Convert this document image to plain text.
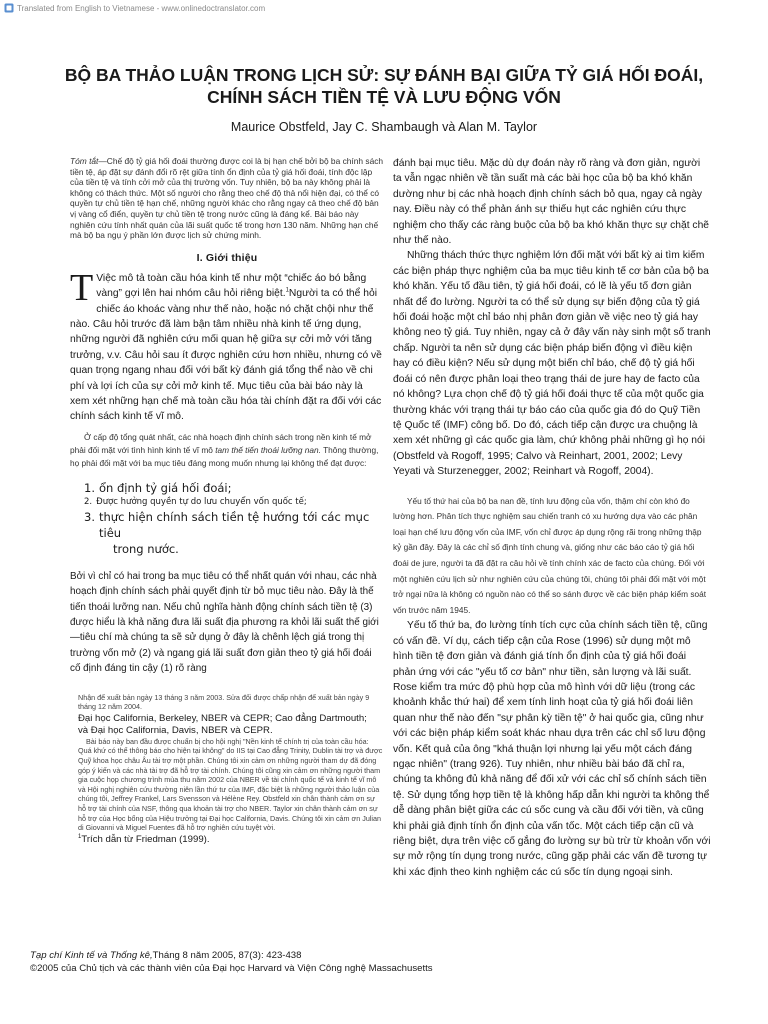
Translated from English to Vietnamese - www.onlinedoctranslator.com
BỘ BA THẢO LUẬN TRONG LỊCH SỬ: SỰ ĐÁNH BẠI GIỮA TỶ GIÁ HỐI ĐOÁI,
CHÍNH SÁCH TIỀN TỆ VÀ LƯU ĐỘNG VỐN
Maurice Obstfeld, Jay C. Shambaugh và Alan M. Taylor

Tóm tắt—Chế độ tỷ giá hối đoái thường được coi là bị hạn chế bởi bộ ba chính sách tiền tệ, áp đặt sự đánh đổi rõ rệt giữa tính ổn định của tỷ giá hối đoái, tính độc lập của tiền tệ và tính cởi mở của thị trường vốn. Tuy nhiên, bộ ba này không phải là không có thách thức. Một số người cho rằng theo chế độ thả nổi hiện đại, có thể có quyền tự chủ tiền tệ hạn chế, những người khác cho rằng ngay cả theo chế độ bản vị vàng cổ điển, quyền tự chủ tiền tệ trong nước cũng là đáng kể. Bài báo này nghiên cứu tính nhất quán của lãi suất quốc tế trong hơn 130 năm. Những hạn chế mà bộ ba ngụ ý phần lớn được lịch sử chứng minh.

I. Giới thiệu

T Việc mô tả toàn cầu hóa kinh tế như một “chiếc áo bó bằng vàng” gợi lên hai nhóm câu hỏi riêng biệt.$^1$Người ta có thể hỏi chiếc áo khoác vàng như thế nào, hoặc nó chặt chội như thế nào. Câu hỏi trước đã làm bận tâm nhiều nhà kinh tế ứng dụng, những người đã nghiên cứu mối quan hệ giữa sự cởi mở với tăng trưởng, v.v. Câu hỏi sau ít được nghiên cứu hơn nhiều, nhưng có về quan trọng ngang nhau đối với bất kỳ đánh giá tổng thể nào về chi phí và lợi ích của sự cởi mở kinh tế. Mục tiêu của bài báo này là xem xét những hạn chế mà toàn cầu hóa tài chính đặt ra đối với các chính sách kinh tế vĩ mô.

Ở cấp độ tổng quát nhất, các nhà hoạch định chính sách trong nền kinh tế mở phải đối mặt với tình hình kinh tế vĩ mô tam thế tiến thoái lưỡng nan. Thông thường, họ phải đối mặt với ba mục tiêu đáng mong muốn nhưng lại không thể đạt được:

1. ổn định tỷ giá hối đoái;
2. Được hưởng quyền tự do lưu chuyển vốn quốc tế;
3. thực hiện chính sách tiền tệ hướng tới các mục tiêu
trong nước.

Bởi vì chỉ có hai trong ba mục tiêu có thể nhất quán với nhau, các nhà hoạch định chính sách phải quyết định từ bỏ mục tiêu nào. Đây là thế tiến thoái lưỡng nan. Nếu chủ nghĩa hành động chính sách tiền tệ (3) được hiểu là khả năng đưa lãi suất địa phương ra khỏi lãi suất thế giới—tiêu chí mà chúng ta sẽ sử dụng ở đây là chênh lệch giá trong thị trường vốn mở (2) và ngang giá lãi suất đơn giản theo tỷ giá hối đoái cố định đáng tin cậy (1) rõ ràng

Nhận để xuất bản ngày 13 tháng 3 năm 2003. Sửa đổi được chấp nhận để xuất bản ngày 9 tháng 12 năm 2004.

Đại học California, Berkeley, NBER và CEPR; Cao đẳng Dartmouth;

và Đại học California, Davis, NBER và CEPR.

Bài báo này ban đầu được chuẩn bị cho hội nghị "Nền kinh tế chính trị của toàn cầu hóa: Quá khứ có thể thông báo cho hiện tại không" do IIS tại Cao đẳng Trinity, Dublin tài trợ và được Quỹ khoa học châu Âu tài trợ một phần. Chúng tôi xin cảm ơn những người tham dự đã đóng góp ý kiến và các nhà tài trợ đã hỗ trợ tài chính. Chúng tôi cũng xin cảm ơn những người tham gia cuộc họp chương trình mùa thu năm 2002 của NBER về tài chính quốc tế và kinh tế vĩ mô và Hội nghị nghiên cứu thường niên lần thứ tư của IMF, đặc biệt là những người thảo luận của chúng tôi, Jeffrey Frankel, Lars Svensson và Hélène Rey. Obstfeld xin chân thành cảm ơn sự hỗ trợ tài chính của NSF, thông qua khoản tài trợ cho NBER. Taylor xin chân thành cảm ơn sự hỗ trợ của Học bổng của Hiệu trưởng tại Đại học California, Davis. Chúng tôi xin cảm ơn Julian di Giovanni và Miguel Fuentes đã hỗ trợ nghiên cứu tuyệt vời.

$^1$Trích dẫn từ Friedman (1999).

đánh bại mục tiêu. Mặc dù dự đoán này rõ ràng và đơn giản, người ta vẫn ngạc nhiên về tần suất mà các bài học của bộ ba khó khăn dường như bị các nhà hoạch định chính sách bỏ qua, ngay cả ngày nay. Điều này có thể phản ánh sự thiếu hụt các nghiên cứu thực nghiệm cho thấy các ràng buộc của bộ ba khó khăn thực sự chặt chẽ như thế nào.

Những thách thức thực nghiệm lớn đối mặt với bất kỳ ai tìm kiếm các biện pháp thực nghiệm của ba mục tiêu kinh tế cơ bản của bộ ba khó khăn. Yếu tố đầu tiên, tỷ giá hối đoái, có lẽ là yếu tố đơn giản nhất để đo lường. Người ta có thể sử dụng sự biến động của tỷ giá hối đoái hoặc một chỉ báo nhị phân đơn giản về việc neo tỷ giá hay không neo tỷ giá. Tuy nhiên, ngay cả ở đây vấn này sinh một số tranh chấp. Người ta nên sử dụng các biện pháp biến động vì điều kiện hay có điều kiện? Nếu sử dụng một biến chỉ báo, chế độ tỷ giá hối đoái có nên được phân loại theo trạng thái de jure hay de facto của nó không? Lựa chọn chế độ tỷ giá hối đoái thực tế của một quốc gia thường khác với trạng thái tự báo cáo của quốc gia đó do Quỹ Tiền tệ Quốc tế (IMF) công bố. Do đó, cách tiếp cận được ưa chuộng là xem xét những gì các quốc gia làm, chứ không phải những gì họ nói (Obstfeld và Rogoff, 1995; Calvo và Reinhart, 2001, 2002; Levy Yeyati và Sturzenegger, 2002; Reinhart và Rogoff, 2004).

Yếu tố thứ hai của bộ ba nan đề, tính lưu động của vốn, thậm chí còn khó đo lường hơn. Phân tích thực nghiệm sau chiến tranh có xu hướng dựa vào các phân loại hạn chế lưu động vốn của IMF, vốn chỉ được áp dụng rộng rãi trong những thập kỷ gần đây. Đây là các chỉ số định tính chung và, giống như các báo cáo tỷ giá hối đoái de jure, người ta đã đặt ra câu hỏi về tính chính xác de facto của chúng. Đối với một nghiên cứu lịch sử như nghiên cứu của chúng tôi, chúng tôi phải đối mặt với một trở ngại nữa là không có nguồn nào có thể so sánh được về các biện pháp kiểm soát vốn trước năm 1945.

Yếu tố thứ ba, đo lường tính tích cực của chính sách tiền tệ, cũng có vấn đề. Ví dụ, cách tiếp cận của Rose (1996) sử dụng một mô hình tiền tệ đơn giản và đánh giá tính ổn định của tỷ giá hối đoái phản ứng với các "yếu tố cơ bản" như tiền, sản lượng và lãi suất. Rose kiểm tra mức độ phù hợp của mô hình với dữ liệu (trong các khoảnh khắc thứ hai) để xem tính linh hoạt của tỷ giá hối đoái liên quan như thế nào đến "sự phân kỳ tiền tệ" ở hai quốc gia, cũng như với các biện pháp kiểm soát khác nhau dựa trên các chỉ số lưu động vốn. Kết quả của ông "khá thuận lợi nhưng lại yếu một cách đáng ngạc nhiên" (trang 926). Tuy nhiên, như nhiều bài báo đã chỉ ra, chúng ta không đủ khả năng để đối xử với các chỉ số chính sách tiền tệ. Sử dụng tổng hợp tiền tệ là không hấp dẫn khi người ta không thể dễ dàng phân biệt giữa các cú sốc cung và cầu đối với tiền, và cũng khi phải giả định tính ổn định của vấn tốc. Một cách tiếp cận cũ và riêng biệt, dựa trên việc cố gắng đo lường sự bù trừ từ khoản vốn với sự mở rộng tín dụng trong nước, cũng gặp phải các vấn đề tương tự khi xác định theo kinh nghiệm các cú sốc tín dụng ngoại sinh.

Tạp chí Kinh tế và Thống kê,Tháng 8 năm 2005, 87(3): 423-438
©2005 của Chủ tịch và các thành viên của Đại học Harvard và Viện Công nghệ Massachusetts
